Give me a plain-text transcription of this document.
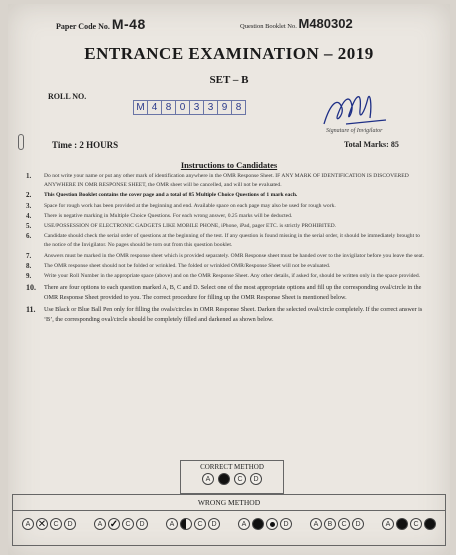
Paper Code No. M-48	Question Booklet No. M480302
ENTRANCE EXAMINATION – 2019
SET – B
ROLL NO.
M 4 8 0 3 3 9 8
Signature of Invigilator
Time : 2 HOURS	Total Marks: 85
Instructions to Candidates
1. Do not write your name or put any other mark of identification anywhere in the OMR Response Sheet. IF ANY MARK OF IDENTIFICATION IS DISCOVERED ANYWHERE IN OMR RESPONSE SHEET, the OMR sheet will be cancelled, and will not be evaluated.
2. This Question Booklet contains the cover page and a total of 85 Multiple Choice Questions of 1 mark each.
3. Space for rough work has been provided at the beginning and end. Available space on each page may also be used for rough work.
4. There is negative marking in Multiple Choice Questions. For each wrong answer, 0.25 marks will be deducted.
5. USE/POSSESSION OF ELECTRONIC GADGETS LIKE MOBILE PHONE, iPhone, iPad, pager ETC. is strictly PROHIBITED.
6. Candidate should check the serial order of questions at the beginning of the test. If any question is found missing in the serial order, it should be immediately brought to the notice of the Invigilator. No pages should be torn out from this question booklet.
7. Answers must be marked in the OMR response sheet which is provided separately. OMR Response sheet must be handed over to the invigilator before you leave the seat.
8. The OMR response sheet should not be folded or wrinkled. The folded or wrinkled OMR/Response Sheet will not be evaluated.
9. Write your Roll Number in the appropriate space (above) and on the OMR Response Sheet. Any other details, if asked for, should be written only in the space provided.
10. There are four options to each question marked A, B, C and D. Select one of the most appropriate options and fill up the corresponding oval/circle in the OMR Response Sheet provided to you. The correct procedure for filling up the OMR Response Sheet is mentioned below.
11. Use Black or Blue Ball Pen only for filling the ovals/circles in OMR Response Sheet. Darken the selected oval/circle completely. If the correct answer is ‘B’, the corresponding oval/circle should be completely filled and darkened as shown below.
CORRECT METHOD
A	B	C	D
WRONG METHOD
A ✕	C	D	A ✓	C	D	A	C	D	A	D	A	B	C	D	A	C
